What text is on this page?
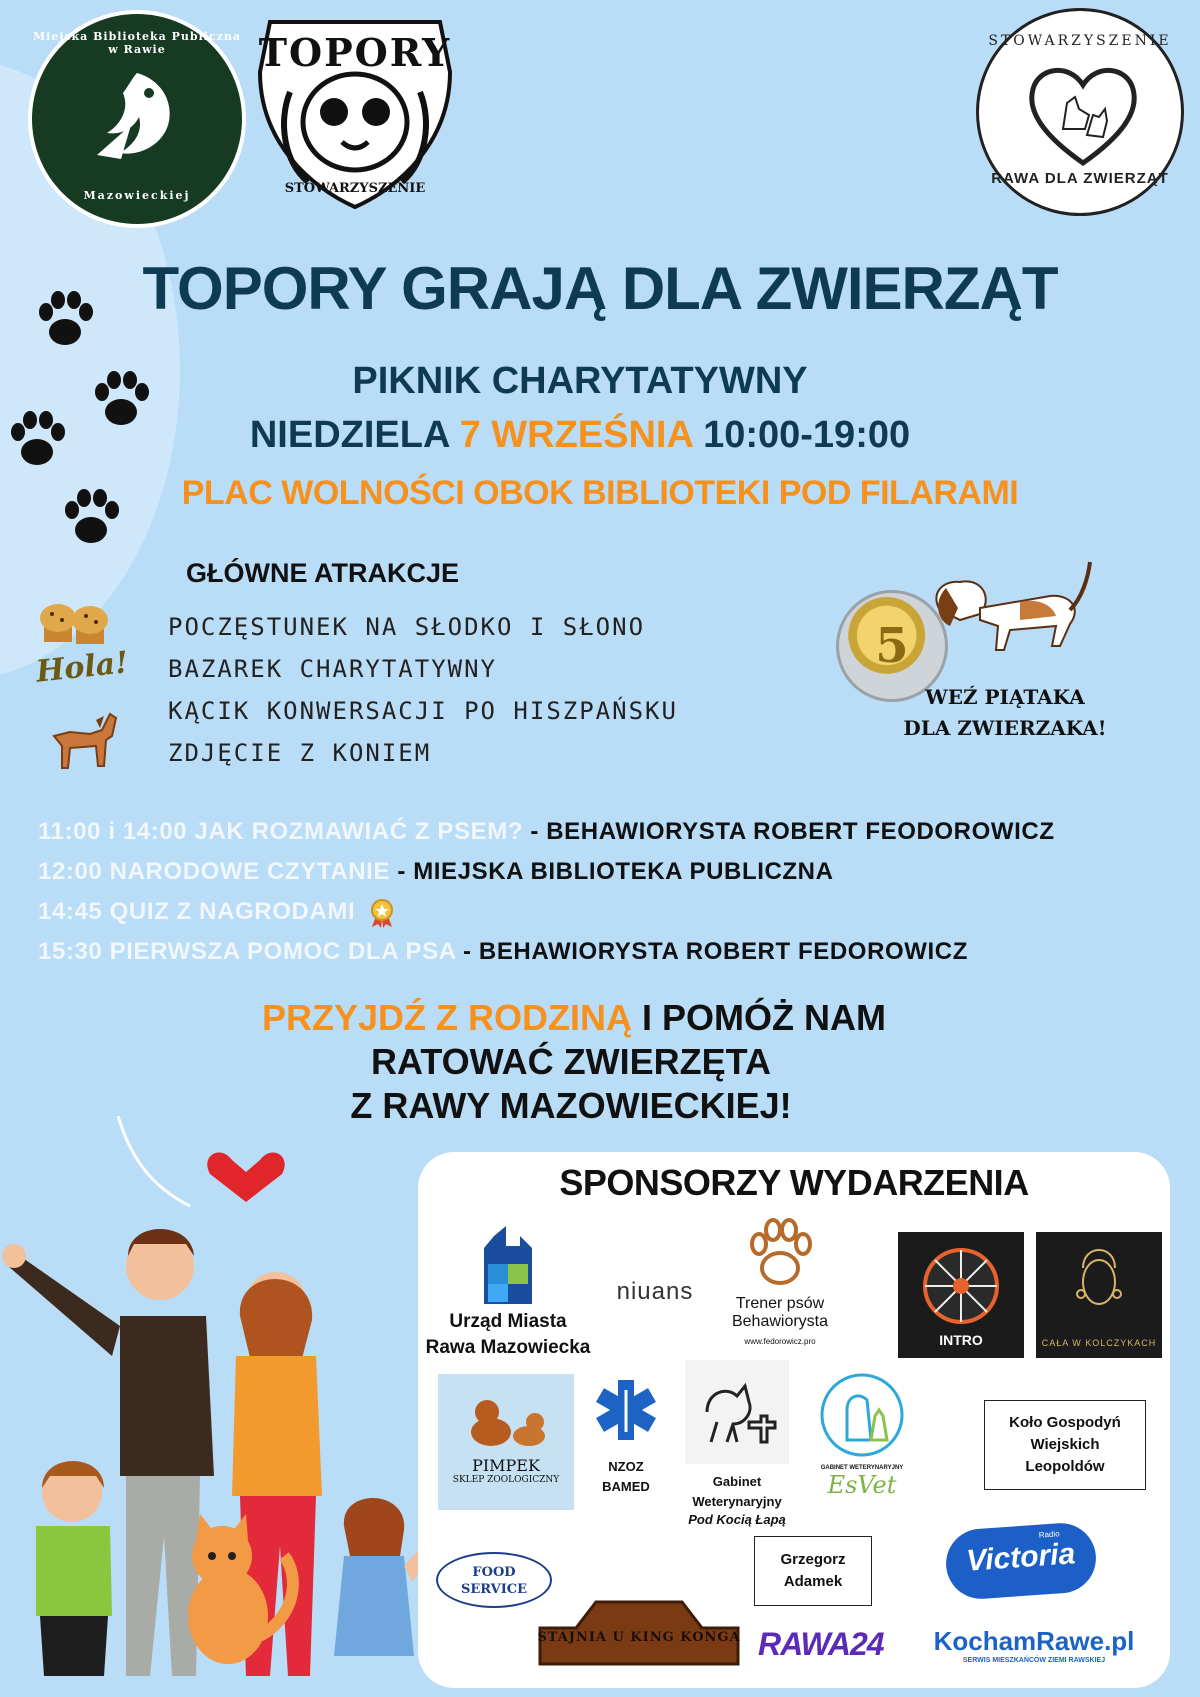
Miejska Biblioteka Publiczna w Rawie
Mazowieckiej
TOPORY
STOWARZYSZENIE
STOWARZYSZENIE
RAWA DLA ZWIERZĄT
TOPORY GRAJĄ DLA ZWIERZĄT
PIKNIK CHARYTATYWNY
NIEDZIELA 7 WRZEŚNIA 10:00-19:00
PLAC WOLNOŚCI OBOK BIBLIOTEKI POD FILARAMI
GŁÓWNE ATRAKCJE
POCZĘSTUNEK NA SŁODKO I SŁONO
BAZAREK CHARYTATYWNY
KĄCIK KONWERSACJI PO HISZPAŃSKU
ZDJĘCIE Z KONIEM
Hola!	5
WEŹ PIĄTAKA
DLA ZWIERZAKA!
11:00 i 14:00 JAK ROZMAWIAĆ Z PSEM? - BEHAWIORYSTA ROBERT FEODOROWICZ
12:00 NARODOWE CZYTANIE - MIEJSKA BIBLIOTEKA PUBLICZNA
14:45 QUIZ Z NAGRODAMI
15:30 PIERWSZA POMOC DLA PSA - BEHAWIORYSTA ROBERT FEDOROWICZ
PRZYJDŹ Z RODZINĄ I POMÓŻ NAM
RATOWAĆ ZWIERZĘTA
Z RAWY MAZOWIECKIEJ!
SPONSORZY WYDARZENIA
Urząd Miasta
Rawa Mazowiecka
niuans	Trener psów
Behawiorysta
www.fedorowicz.pro	INTRO	CAŁA W KOLCZYKACH
PIMPEK
SKLEP ZOOLOGICZNY
NZOZ
BAMED	Gabinet
Weterynaryjny
Pod Kocią Łapą
GABINET WETERYNARYJNY
EsVet
Koło Gospodyń
Wiejskich
Leopoldów
FOOD
SERVICE
STAJNIA U KING KONGA
Grzegorz
Adamek
RAWA24
Radio
Victoria
KochamRawe.pl
SERWIS MIESZKAŃCÓW ZIEMI RAWSKIEJ
